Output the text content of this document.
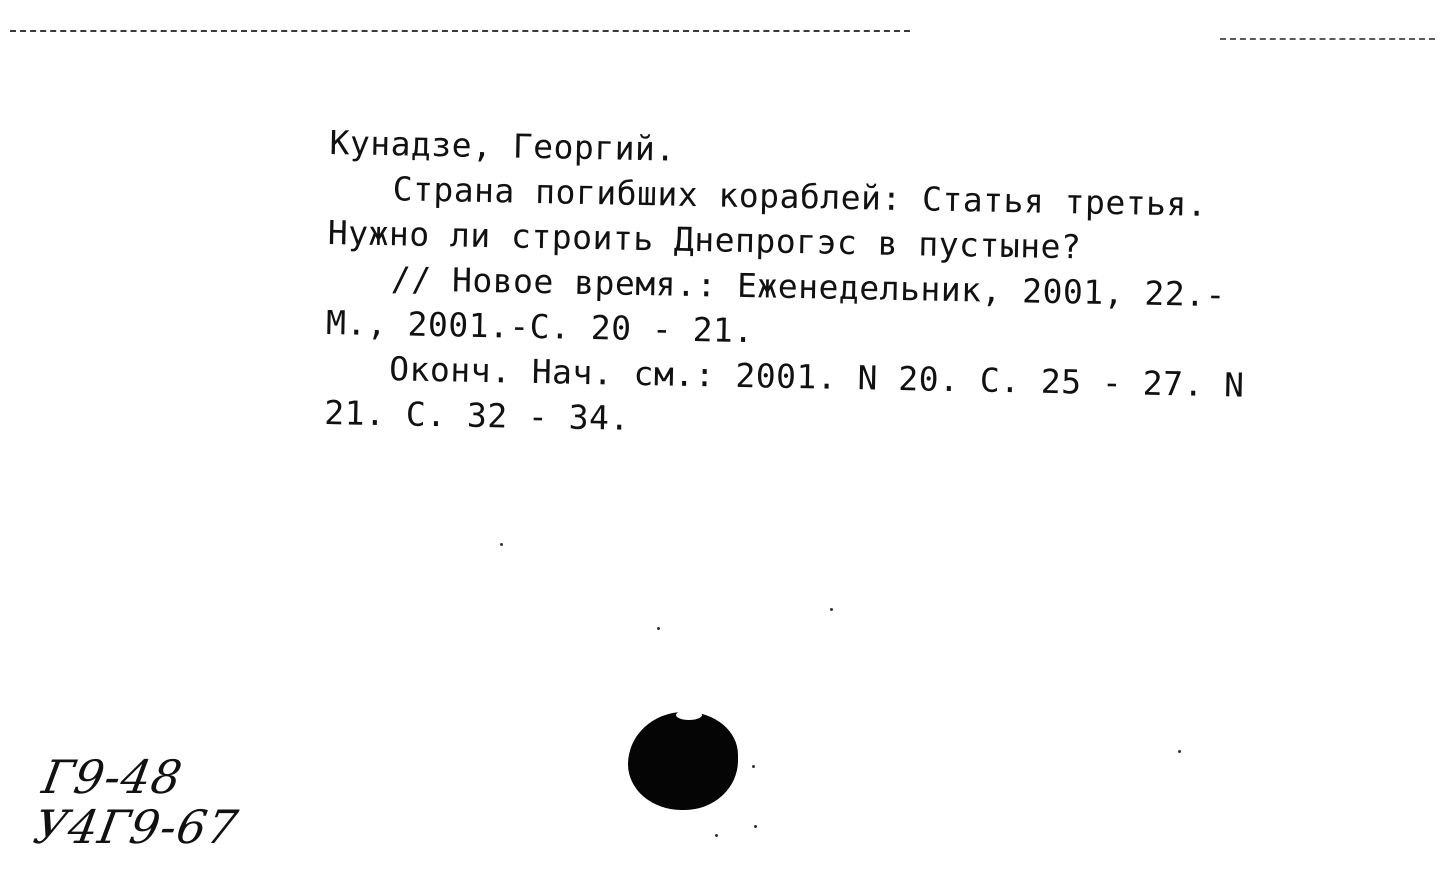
Кунадзе, Георгий.
Страна погибших кораблей: Статья третья.
Нужно ли строить Днепрогэс в пустыне?
// Новое время.: Еженедельник, 2001, 22.-
М., 2001.-С. 20 - 21.
Оконч. Нач. см.: 2001. N 20. С. 25 - 27. N
21. С. 32 - 34.
Г9-48
У4Г9-67
